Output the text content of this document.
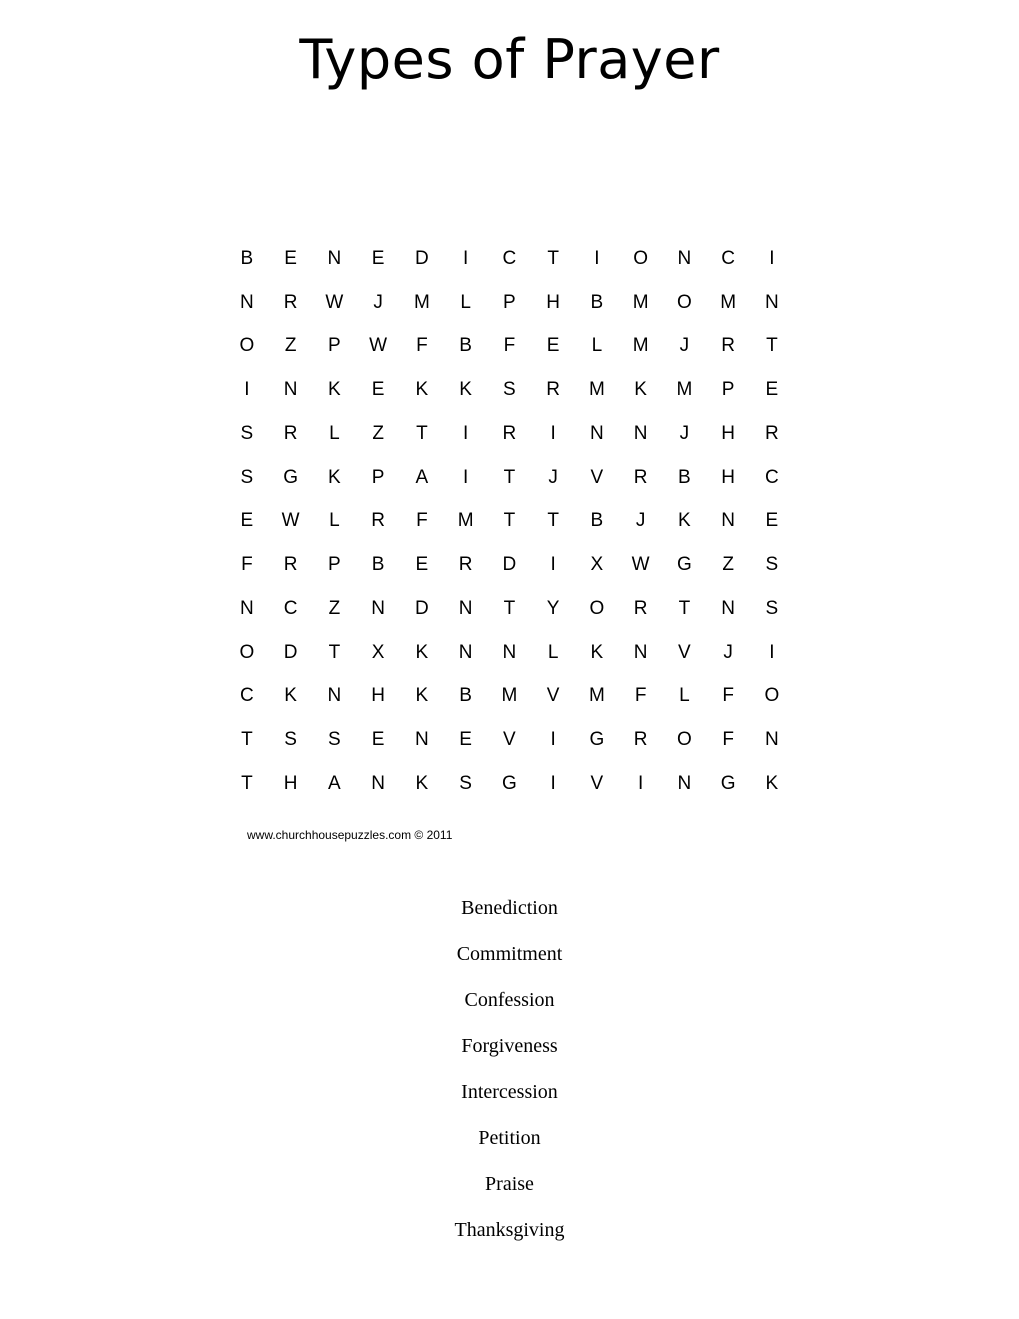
Types of Prayer
B	E	N	E	D	I	C	T	I	O	N	C	I
N	R	W	J	M	L	P	H	B	M	O	M	N
O	Z	P	W	F	B	F	E	L	M	J	R	T
I	N	K	E	K	K	S	R	M	K	M	P	E
S	R	L	Z	T	I	R	I	N	N	J	H	R
S	G	K	P	A	I	T	J	V	R	B	H	C
E	W	L	R	F	M	T	T	B	J	K	N	E
F	R	P	B	E	R	D	I	X	W	G	Z	S
N	C	Z	N	D	N	T	Y	O	R	T	N	S
O	D	T	X	K	N	N	L	K	N	V	J	I
C	K	N	H	K	B	M	V	M	F	L	F	O
T	S	S	E	N	E	V	I	G	R	O	F	N
T	H	A	N	K	S	G	I	V	I	N	G	K
www.churchhousepuzzles.com © 2011
Benediction
Commitment
Confession
Forgiveness
Intercession
Petition
Praise
Thanksgiving
